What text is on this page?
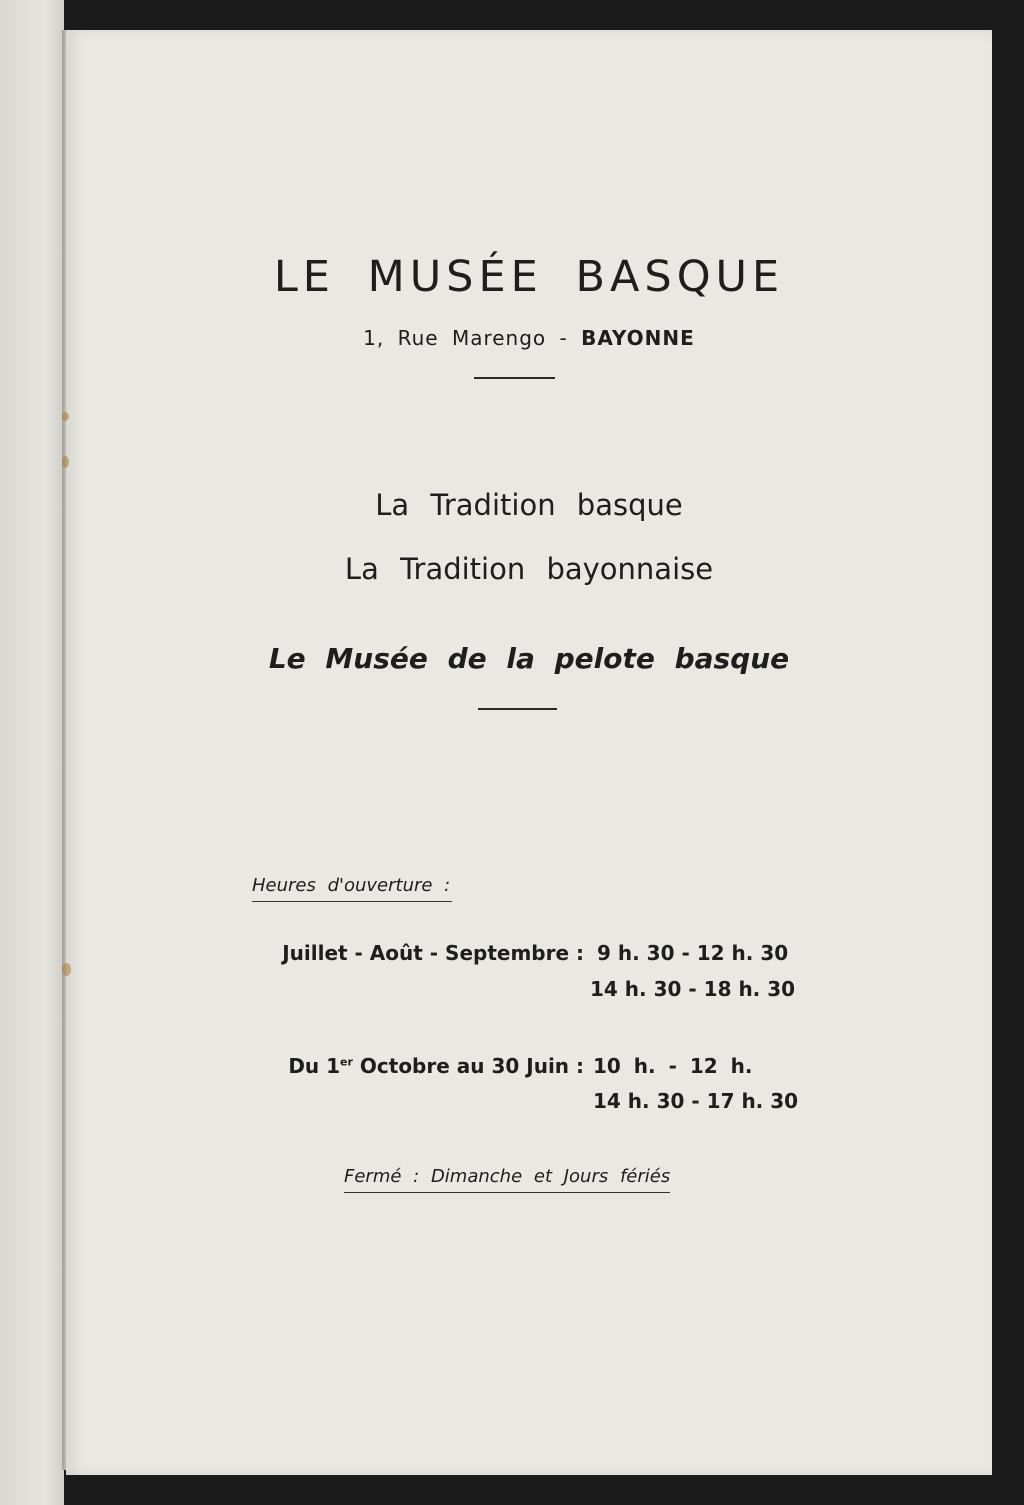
LE MUSÉE BASQUE
1, Rue Marengo - BAYONNE
La Tradition basque
La Tradition bayonnaise
Le Musée de la pelote basque
Heures d'ouverture :
Juillet - Août - Septembre : 9 h. 30 - 12 h. 30
14 h. 30 - 18 h. 30
Du 1er Octobre au 30 Juin : 10 h. - 12 h.
14 h. 30 - 17 h. 30
Fermé : Dimanche et Jours fériés
